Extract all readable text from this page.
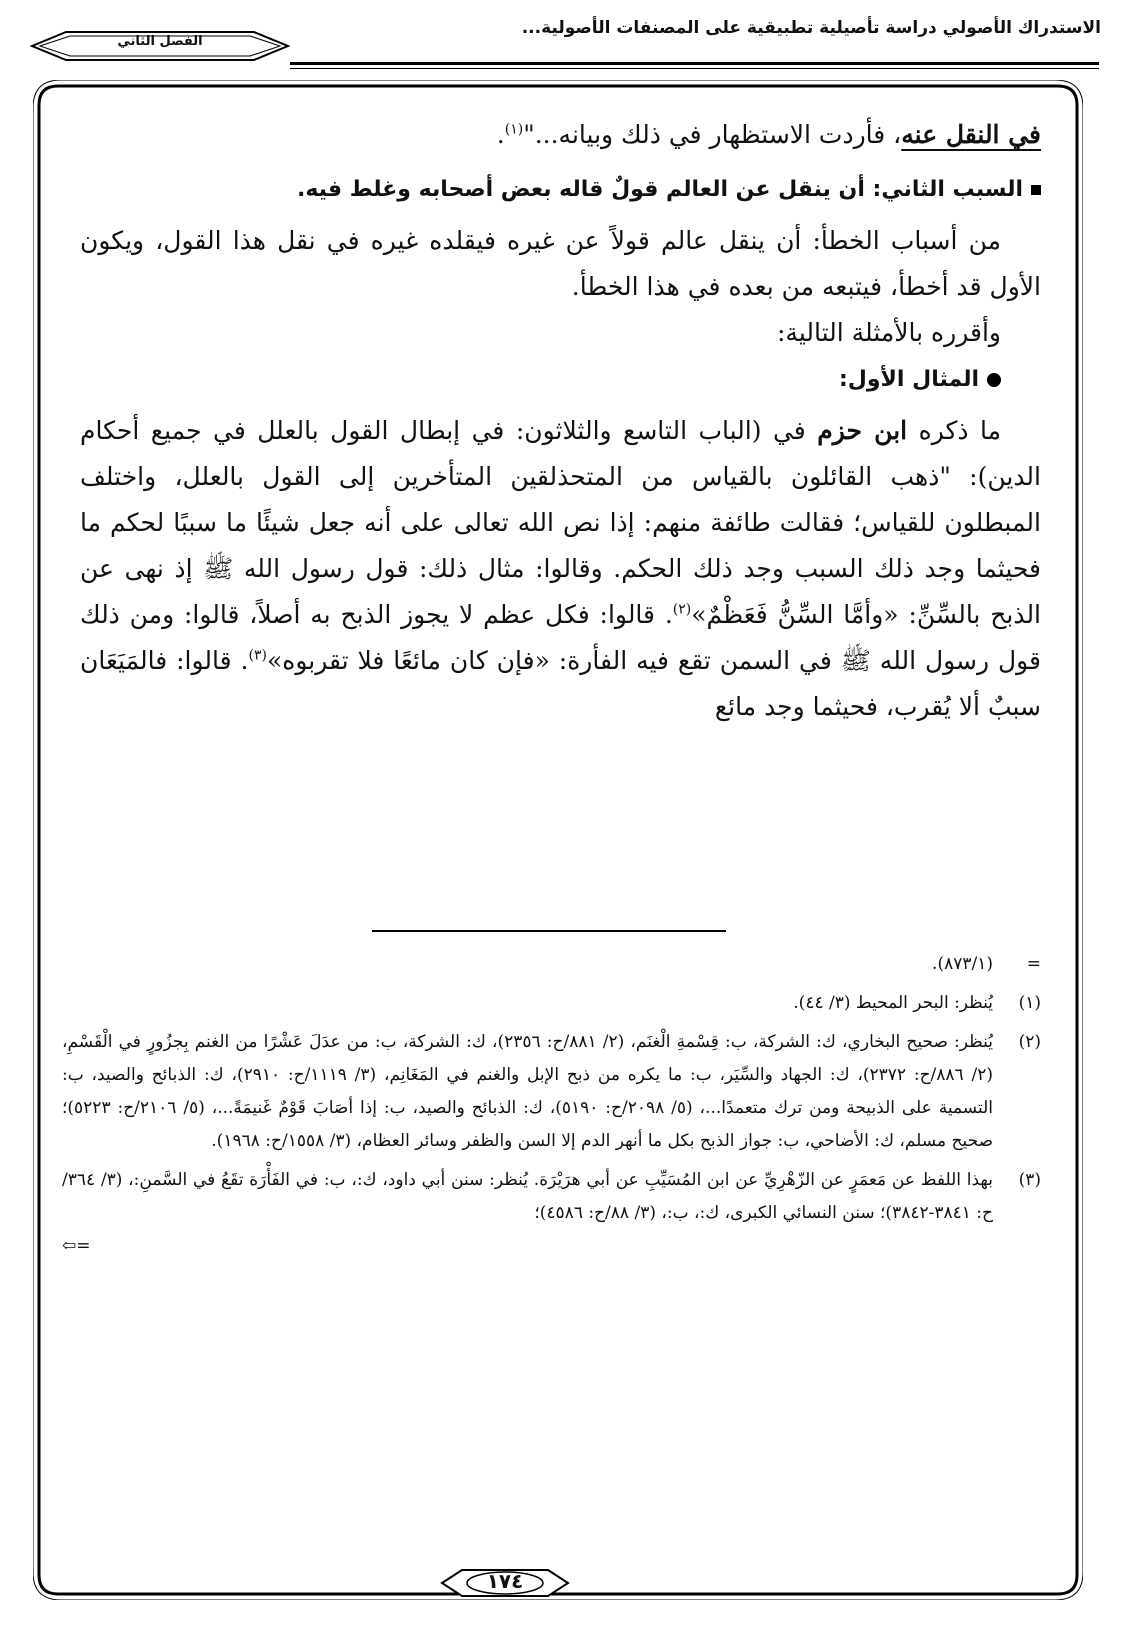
الاستدراك الأصولي دراسة تأصيلية تطبيقية على المصنفات الأصولية...
الفصل الثاني

في النقل عنه، فأردت الاستظهار في ذلك وبيانه..."$^{(١)}$.

السبب الثاني: أن ينقل عن العالم قولٌ قاله بعض أصحابه وغلط فيه.

من أسباب الخطأ: أن ينقل عالم قولاً عن غيره فيقلده غيره في نقل هذا القول، ويكون الأول قد أخطأ، فيتبعه من بعده في هذا الخطأ.

وأقرره بالأمثلة التالية:

المثال الأول:

ما ذكره ابن حزم في (الباب التاسع والثلاثون: في إبطال القول بالعلل في جميع أحكام الدين): "ذهب القائلون بالقياس من المتحذلقين المتأخرين إلى القول بالعلل، واختلف المبطلون للقياس؛ فقالت طائفة منهم: إذا نص الله تعالى على أنه جعل شيئًا ما سببًا لحكم ما فحيثما وجد ذلك السبب وجد ذلك الحكم. وقالوا: مثال ذلك: قول رسول الله ﷺ إذ نهى عن الذبح بالسِّنِّ: «وأمَّا السِّنُّ فَعَظْمٌ»$^{(٢)}$. قالوا: فكل عظم لا يجوز الذبح به أصلاً، قالوا: ومن ذلك قول رسول الله ﷺ في السمن تقع فيه الفأرة: «فإن كان مائعًا فلا تقربوه»$^{(٣)}$. قالوا: فالمَيَعَان سببٌ ألا يُقرب، فحيثما وجد مائع

=
(٨٧٣/١).

(١)
يُنظر: البحر المحيط (٣/ ٤٤).

(٢)
يُنظر: صحيح البخاري، ك: الشركة، ب: قِسْمةِ الْغنَم، (٢/ ٨٨١/ح: ٢٣٥٦)، ك: الشركة، ب: من عدَلَ عَشْرًا من الغنم بِجزُورٍ في الْقَسْمِ، (٢/ ٨٨٦/ح: ٢٣٧٢)، ك: الجهاد والسِّيَر، ب: ما يكره من ذبح الإبل والغنم في المَغَانِم، (٣/ ١١١٩/ح: ٢٩١٠)، ك: الذبائح والصيد، ب: التسمية على الذبيحة ومن ترك متعمدًا...، (٥/ ٢٠٩٨/ح: ٥١٩٠)، ك: الذبائح والصيد، ب: إذا أصَابَ قَوْمٌ غَنيمَةً...، (٥/ ٢١٠٦/ح: ٥٢٢٣)؛ صحيح مسلم، ك: الأضاحي، ب: جواز الذبح بكل ما أنهر الدم إلا السن والظفر وسائر العظام، (٣/ ١٥٥٨/ح: ١٩٦٨).

(٣)
بهذا اللفظ عن مَعمَرٍ عن الزّهْرِيِّ عن ابن المُسَيِّبِ عن أبي هرَيْرَة. يُنظر: سنن أبي داود، ك:، ب: في الفَأْرَة تقَعُ في السَّمنِ:، (٣/ ٣٦٤/ح: ٣٨٤١-٣٨٤٢)؛ سنن النسائي الكبرى، ك:، ب:، (٣/ ٨٨/ح: ٤٥٨٦)؛
⇦=

١٧٤
